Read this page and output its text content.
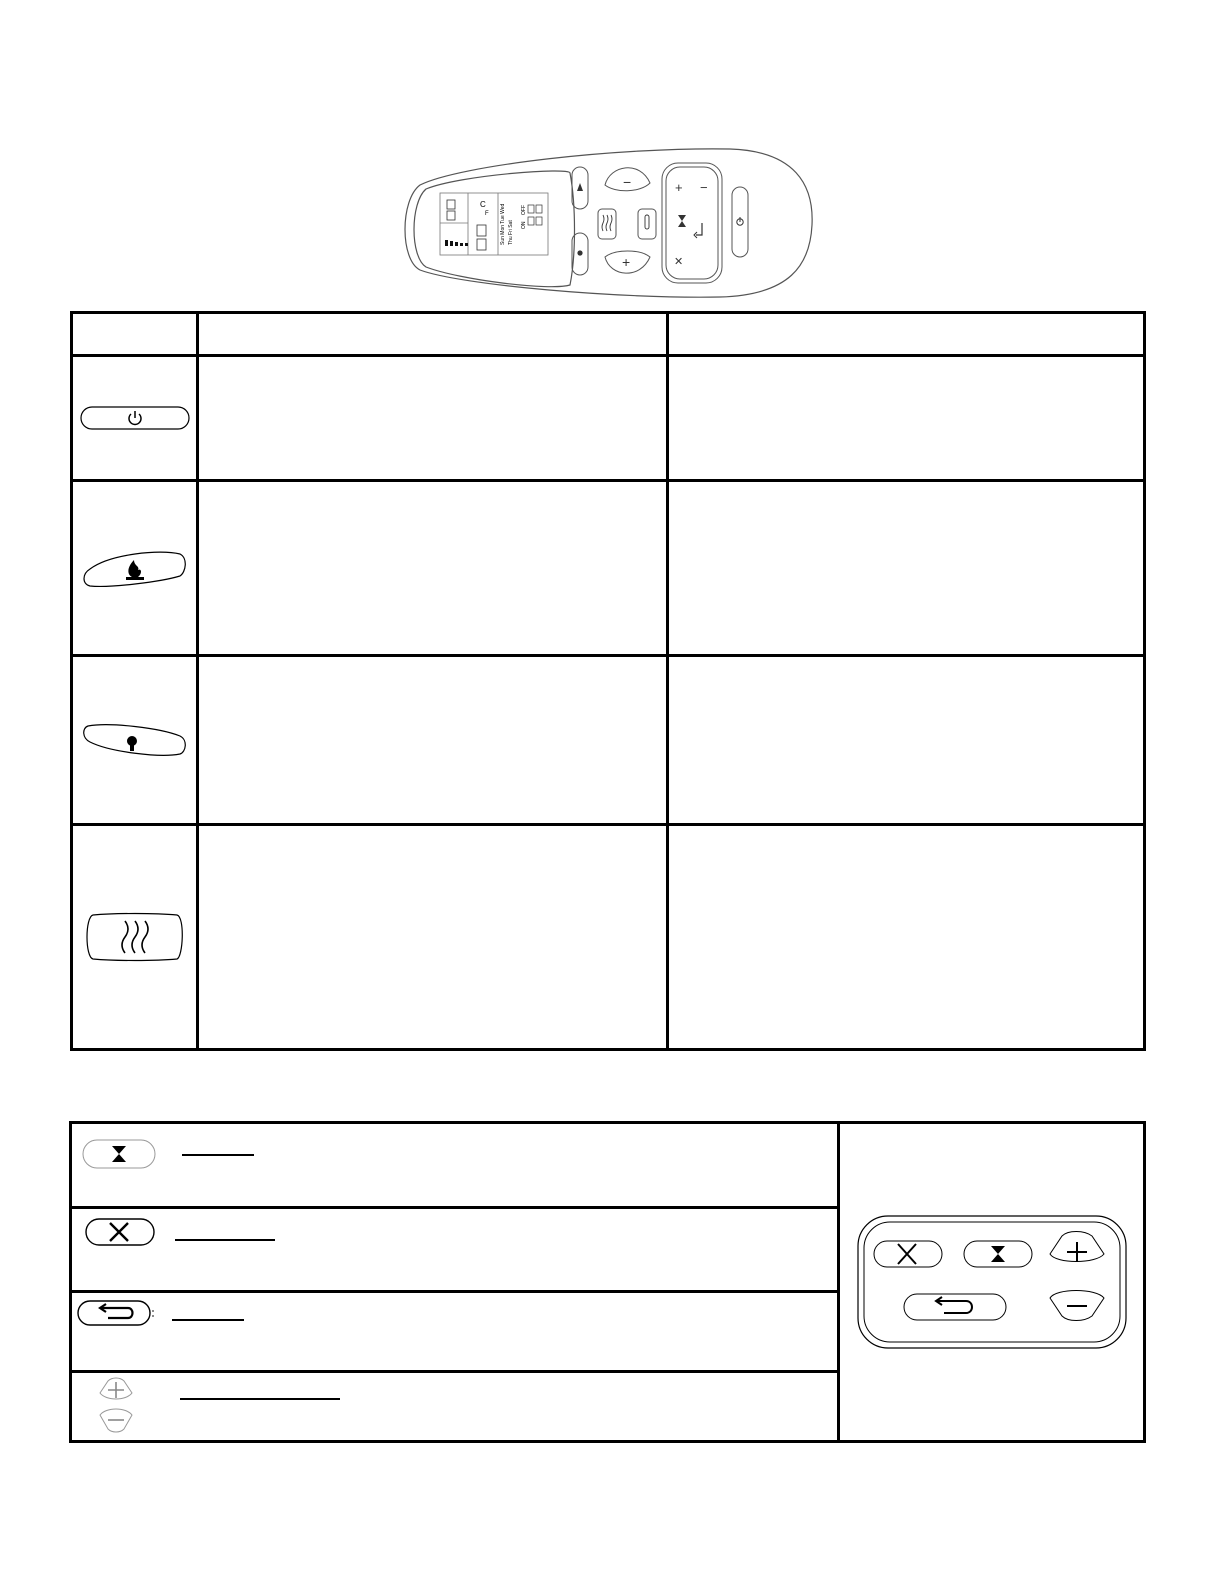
C
F Sun Mon Tue Wed Thu Fri Sat ON
OFF
−
+
+ −
✕
